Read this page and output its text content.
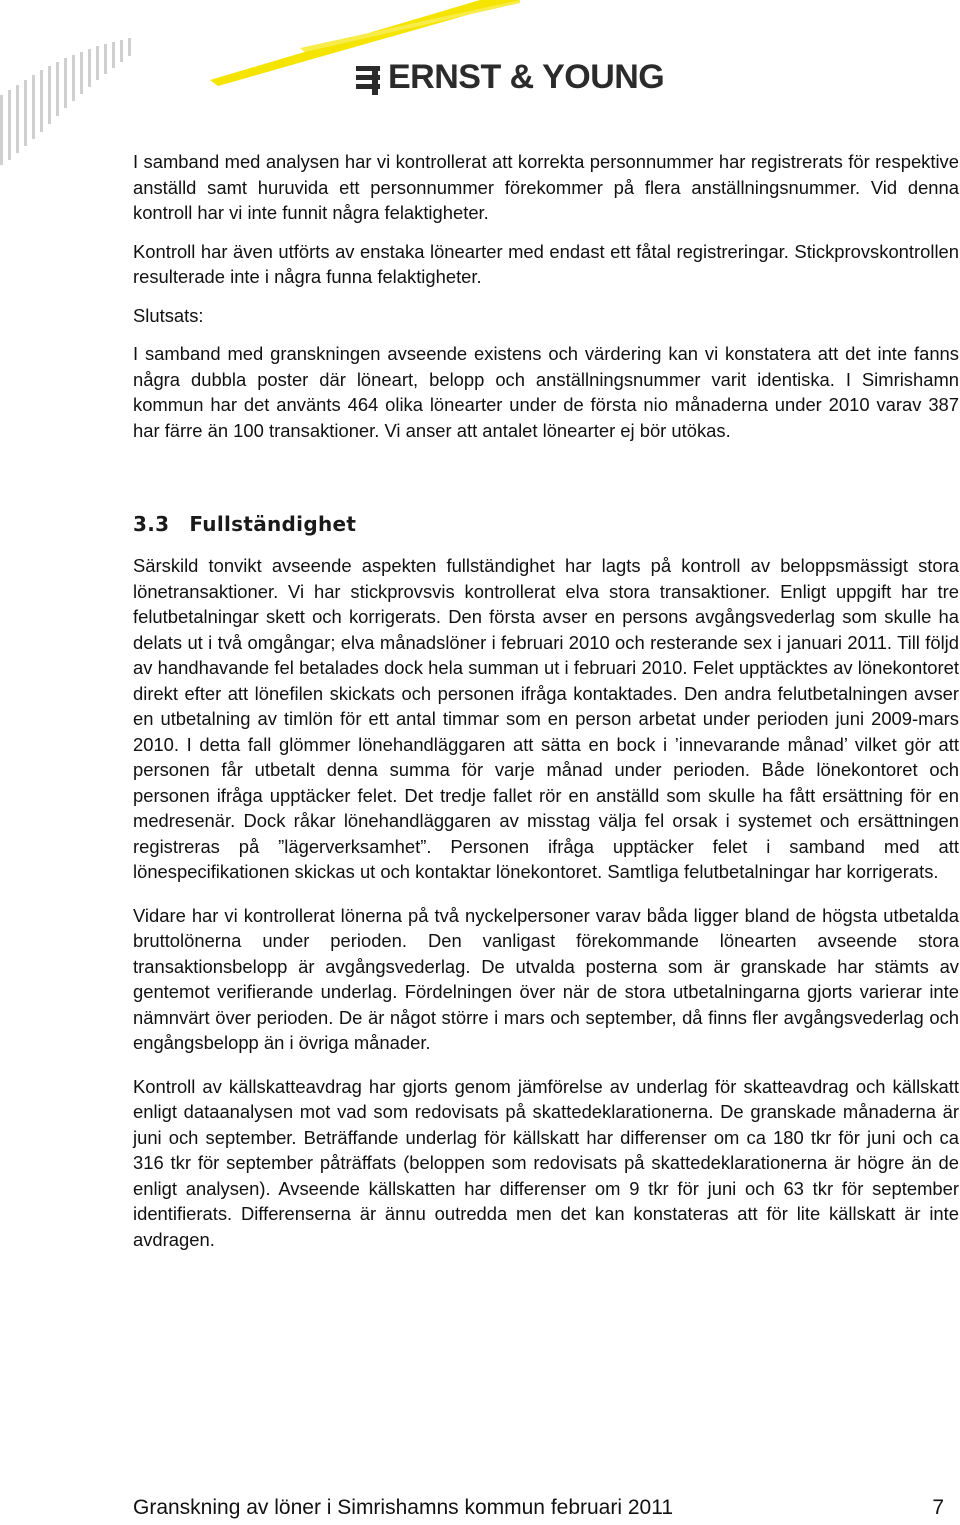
ERNST & YOUNG

I samband med analysen har vi kontrollerat att korrekta personnummer har registrerats för respektive anställd samt huruvida ett personnummer förekommer på flera anställningsnummer. Vid denna kontroll har vi inte funnit några felaktigheter.

Kontroll har även utförts av enstaka lönearter med endast ett fåtal registreringar. Stickprovskontrollen resulterade inte i några funna felaktigheter.

Slutsats:

I samband med granskningen avseende existens och värdering kan vi konstatera att det inte fanns några dubbla poster där löneart, belopp och anställningsnummer varit identiska. I Simrishamn kommun har det använts 464 olika lönearter under de första nio månaderna under 2010 varav 387 har färre än 100 transaktioner. Vi anser att antalet lönearter ej bör utökas.

3.3 Fullständighet

Särskild tonvikt avseende aspekten fullständighet har lagts på kontroll av beloppsmässigt stora lönetransaktioner. Vi har stickprovsvis kontrollerat elva stora transaktioner. Enligt uppgift har tre felutbetalningar skett och korrigerats. Den första avser en persons avgångsvederlag som skulle ha delats ut i två omgångar; elva månadslöner i februari 2010 och resterande sex i januari 2011. Till följd av handhavande fel betalades dock hela summan ut i februari 2010. Felet upptäcktes av lönekontoret direkt efter att lönefilen skickats och personen ifråga kontaktades. Den andra felutbetalningen avser en utbetalning av timlön för ett antal timmar som en person arbetat under perioden juni 2009-mars 2010. I detta fall glömmer lönehandläggaren att sätta en bock i ’innevarande månad’ vilket gör att personen får utbetalt denna summa för varje månad under perioden. Både lönekontoret och personen ifråga upptäcker felet. Det tredje fallet rör en anställd som skulle ha fått ersättning för en medresenär. Dock råkar lönehandläggaren av misstag välja fel orsak i systemet och ersättningen registreras på ”lägerverksamhet”. Personen ifråga upptäcker felet i samband med att lönespecifikationen skickas ut och kontaktar lönekontoret. Samtliga felutbetalningar har korrigerats.

Vidare har vi kontrollerat lönerna på två nyckelpersoner varav båda ligger bland de högsta utbetalda bruttolönerna under perioden. Den vanligast förekommande lönearten avseende stora transaktionsbelopp är avgångsvederlag. De utvalda posterna som är granskade har stämts av gentemot verifierande underlag. Fördelningen över när de stora utbetalningarna gjorts varierar inte nämnvärt över perioden. De är något större i mars och september, då finns fler avgångsvederlag och engångsbelopp än i övriga månader.

Kontroll av källskatteavdrag har gjorts genom jämförelse av underlag för skatteavdrag och källskatt enligt dataanalysen mot vad som redovisats på skattedeklarationerna. De granskade månaderna är juni och september. Beträffande underlag för källskatt har differenser om ca 180 tkr för juni och ca 316 tkr för september påträffats (beloppen som redovisats på skattedeklarationerna är högre än de enligt analysen). Avseende källskatten har differenser om 9 tkr för juni och 63 tkr för september identifierats. Differenserna är ännu outredda men det kan konstateras att för lite källskatt är inte avdragen.

Granskning av löner i Simrishamns kommun februari 2011	7
